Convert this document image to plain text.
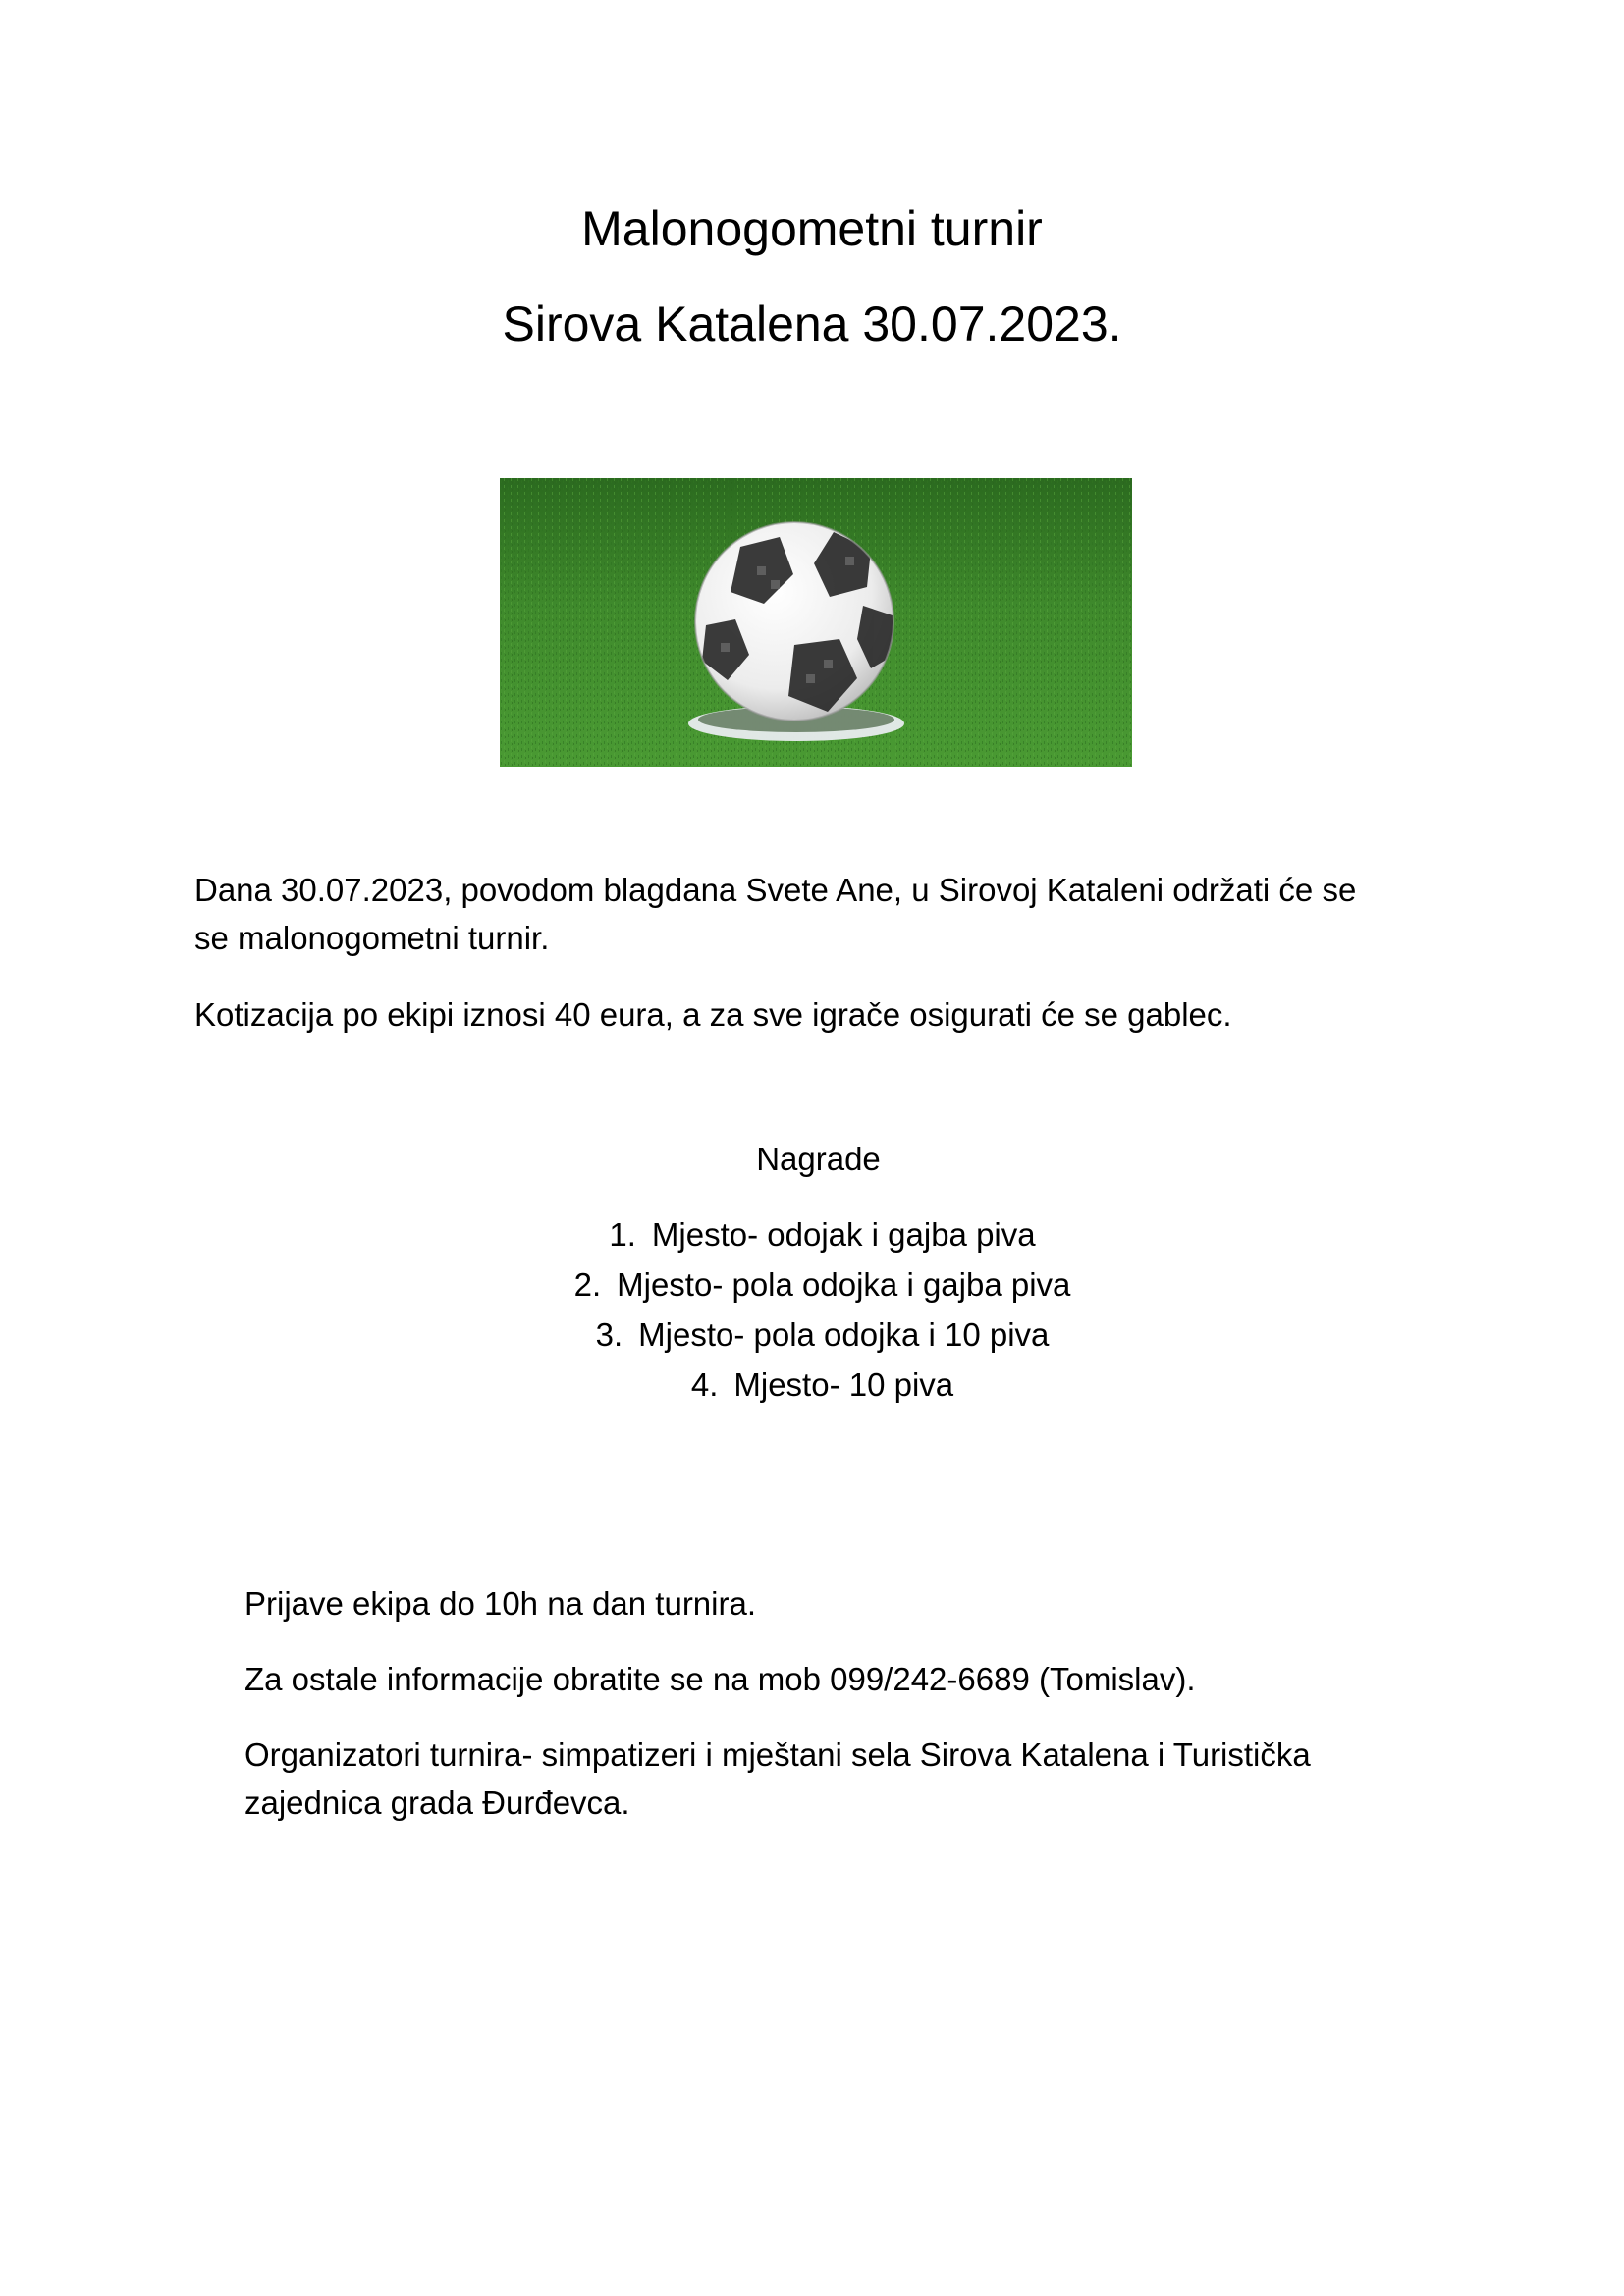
Malonogometni turnir
Sirova Katalena 30.07.2023.
Dana 30.07.2023, povodom blagdana Svete Ane, u Sirovoj Kataleni održati će se
se malonogometni turnir.
Kotizacija po ekipi iznosi 40 eura, a za sve igrače osigurati će se gablec.
Nagrade
1. Mjesto- odojak i gajba piva
2. Mjesto- pola odojka i gajba piva
3. Mjesto- pola odojka i 10 piva
4. Mjesto- 10 piva
Prijave ekipa do 10h na dan turnira.
Za ostale informacije obratite se na mob 099/242-6689 (Tomislav).
Organizatori turnira- simpatizeri i mještani sela Sirova Katalena i Turistička
zajednica grada Đurđevca.
